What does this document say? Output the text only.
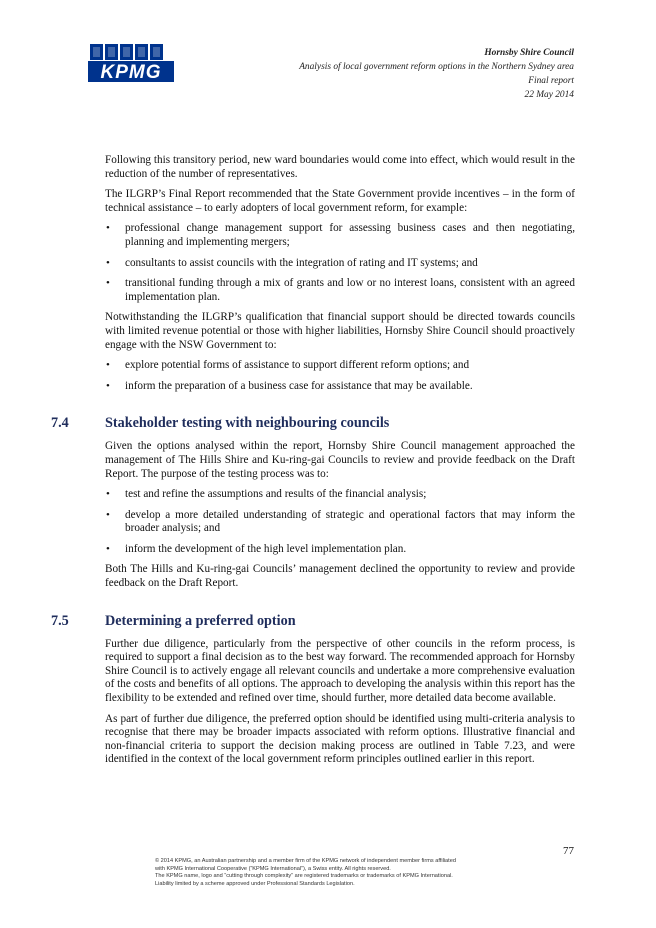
KPMG
Hornsby Shire Council
Analysis of local government reform options in the Northern Sydney area
Final report
22 May 2014

Following this transitory period, new ward boundaries would come into effect, which would result in the reduction of the number of representatives.

The ILGRP’s Final Report recommended that the State Government provide incentives – in the form of technical assistance – to early adopters of local government reform, for example:

• professional change management support for assessing business cases and then negotiating, planning and implementing mergers;
• consultants to assist councils with the integration of rating and IT systems; and
• transitional funding through a mix of grants and low or no interest loans, consistent with an agreed implementation plan.

Notwithstanding the ILGRP’s qualification that financial support should be directed towards councils with limited revenue potential or those with higher liabilities, Hornsby Shire Council should proactively engage with the NSW Government to:

• explore potential forms of assistance to support different reform options; and
• inform the preparation of a business case for assistance that may be available.
7.4	Stakeholder testing with neighbouring councils

Given the options analysed within the report, Hornsby Shire Council management approached the management of The Hills Shire and Ku-ring-gai Councils to review and provide feedback on the Draft Report. The purpose of the testing process was to:

• test and refine the assumptions and results of the financial analysis;
• develop a more detailed understanding of strategic and operational factors that may inform the broader analysis; and
• inform the development of the high level implementation plan.

Both The Hills and Ku-ring-gai Councils’ management declined the opportunity to review and provide feedback on the Draft Report.

7.5	Determining a preferred option

Further due diligence, particularly from the perspective of other councils in the reform process, is required to support a final decision as to the best way forward. The recommended approach for Hornsby Shire Council is to actively engage all relevant councils and undertake a more comprehensive evaluation of the costs and benefits of all options. The approach to developing the analysis within this report has the flexibility to be extended and refined over time, should further, more detailed data become available.

As part of further due diligence, the preferred option should be identified using multi-criteria analysis to recognise that there may be broader impacts associated with reform options. Illustrative financial and non-financial criteria to support the decision making process are outlined in Table 7.23, and were identified in the context of the local government reform principles outlined earlier in this report.

77
© 2014 KPMG, an Australian partnership and a member firm of the KPMG network of independent member firms affiliated
with KPMG International Cooperative (“KPMG International”), a Swiss entity. All rights reserved.
The KPMG name, logo and “cutting through complexity” are registered trademarks or trademarks of KPMG International.
Liability limited by a scheme approved under Professional Standards Legislation.
